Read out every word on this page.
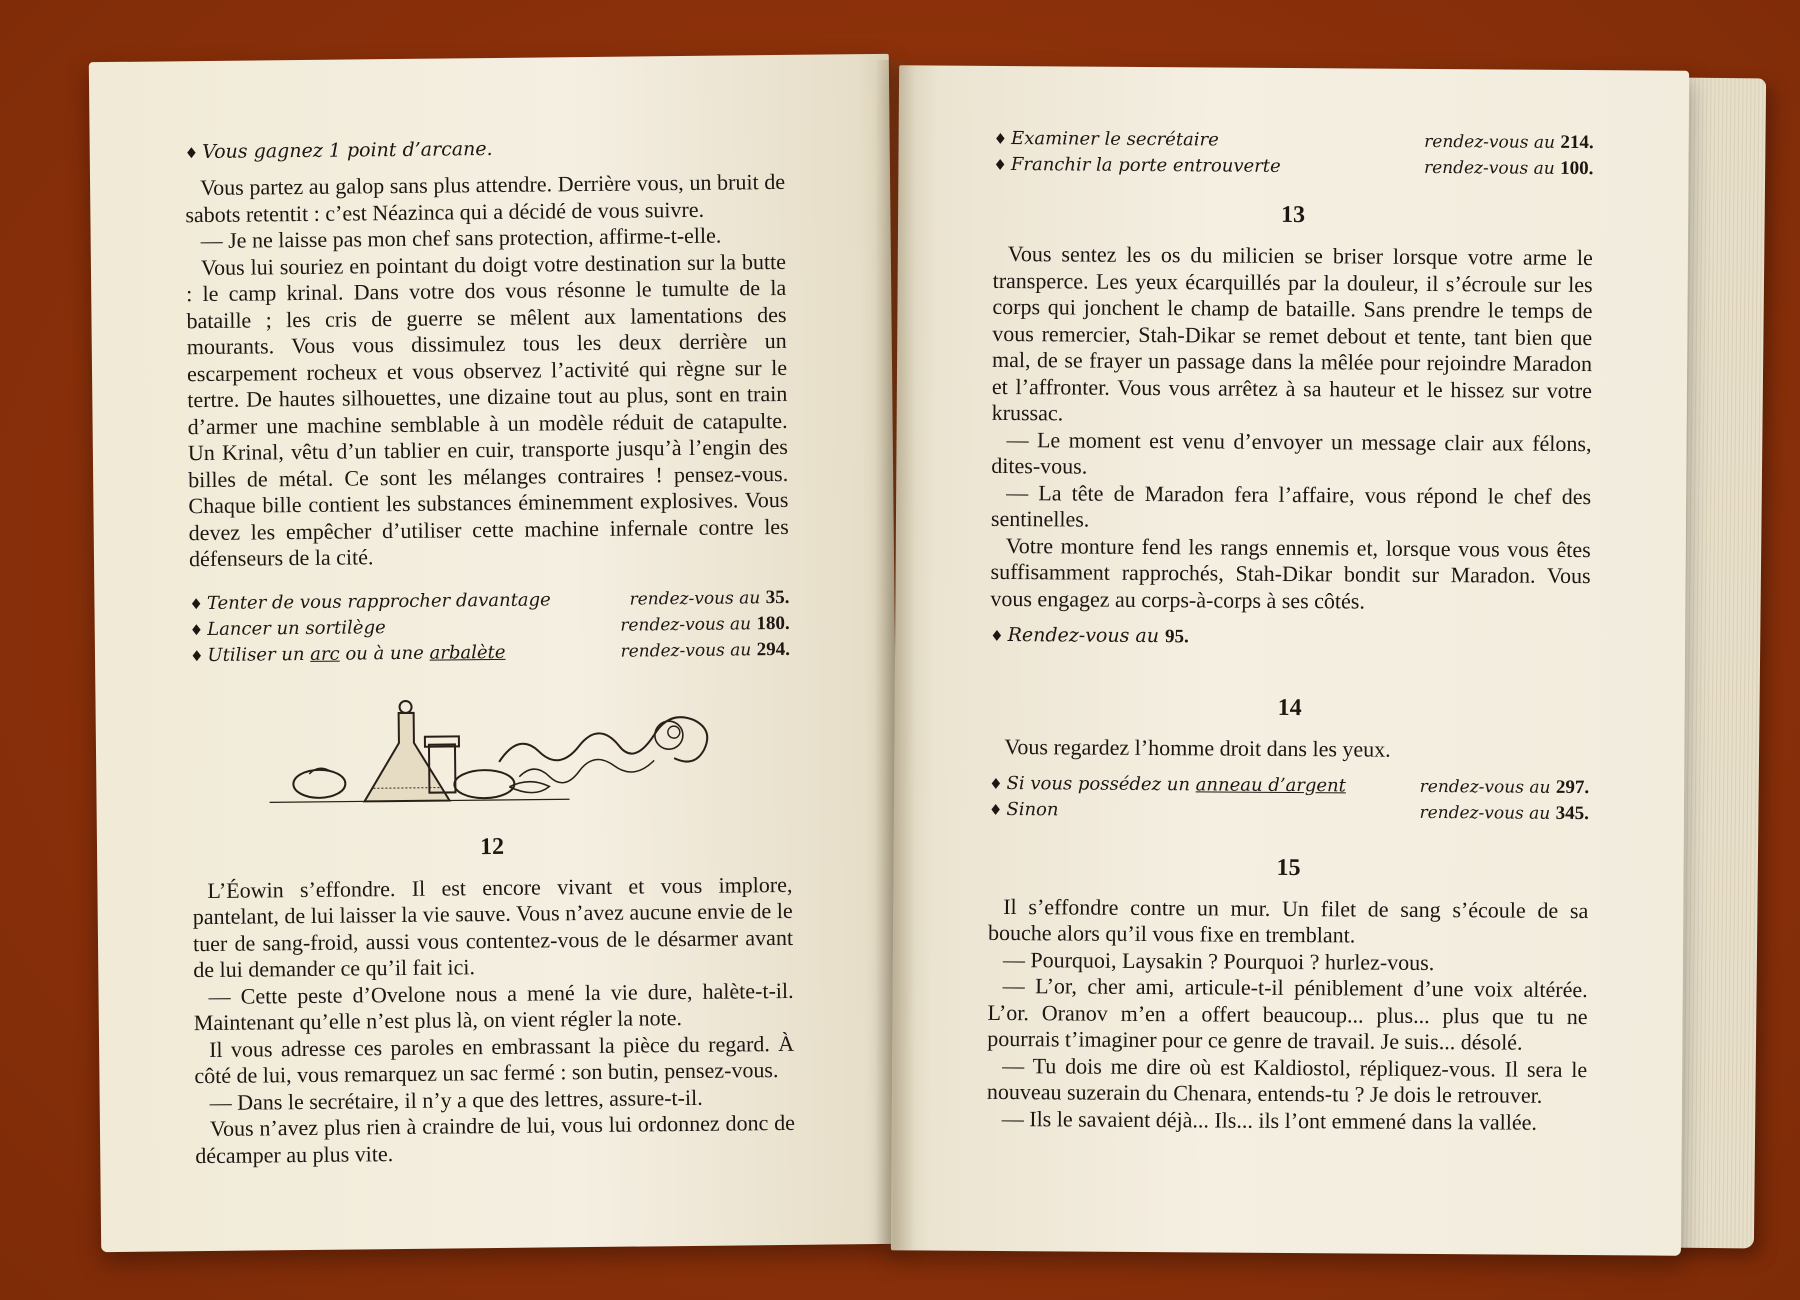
♦ Vous gagnez 1 point d’arcane.

Vous partez au galop sans plus attendre. Derrière vous, un bruit de sabots retentit : c’est Néazinca qui a décidé de vous suivre.

— Je ne laisse pas mon chef sans protection, affirme-t-elle.

Vous lui souriez en pointant du doigt votre destination sur la butte : le camp krinal. Dans votre dos vous résonne le tumulte de la bataille ; les cris de guerre se mêlent aux lamentations des mourants. Vous vous dissimulez tous les deux derrière un escarpement rocheux et vous observez l’activité qui règne sur le tertre. De hautes silhouettes, une dizaine tout au plus, sont en train d’armer une machine semblable à un modèle réduit de catapulte. Un Krinal, vêtu d’un tablier en cuir, transporte jusqu’à l’engin des billes de métal. Ce sont les mélanges contraires ! pensez-vous. Chaque bille contient les substances éminemment explosives. Vous devez les empêcher d’utiliser cette machine infernale contre les défenseurs de la cité.

♦ Tenter de vous rapprocher davantage	rendez-vous au 35.
♦ Lancer un sortilège	rendez-vous au 180.
♦ Utiliser un arc ou à une arbalète	rendez-vous au 294.
12

L’Éowin s’effondre. Il est encore vivant et vous implore, pantelant, de lui laisser la vie sauve. Vous n’avez aucune envie de le tuer de sang-froid, aussi vous contentez-vous de le désarmer avant de lui demander ce qu’il fait ici.

— Cette peste d’Ovelone nous a mené la vie dure, halète-t-il. Maintenant qu’elle n’est plus là, on vient régler la note.

Il vous adresse ces paroles en embrassant la pièce du regard. À côté de lui, vous remarquez un sac fermé : son butin, pensez-vous.

— Dans le secrétaire, il n’y a que des lettres, assure-t-il.

Vous n’avez plus rien à craindre de lui, vous lui ordonnez donc de décamper au plus vite.

♦ Examiner le secrétaire	rendez-vous au 214.
♦ Franchir la porte entrouverte	rendez-vous au 100.
13

Vous sentez les os du milicien se briser lorsque votre arme le transperce. Les yeux écarquillés par la douleur, il s’écroule sur les corps qui jonchent le champ de bataille. Sans prendre le temps de vous remercier, Stah-Dikar se remet debout et tente, tant bien que mal, de se frayer un passage dans la mêlée pour rejoindre Maradon et l’affronter. Vous vous arrêtez à sa hauteur et le hissez sur votre krussac.

— Le moment est venu d’envoyer un message clair aux félons, dites-vous.

— La tête de Maradon fera l’affaire, vous répond le chef des sentinelles.

Votre monture fend les rangs ennemis et, lorsque vous vous êtes suffisamment rapprochés, Stah-Dikar bondit sur Maradon. Vous vous engagez au corps-à-corps à ses côtés.

♦ Rendez-vous au 95.
14

Vous regardez l’homme droit dans les yeux.

♦ Si vous possédez un anneau d’argent	rendez-vous au 297.
♦ Sinon	rendez-vous au 345.
15

Il s’effondre contre un mur. Un filet de sang s’écoule de sa bouche alors qu’il vous fixe en tremblant.

— Pourquoi, Laysakin ? Pourquoi ? hurlez-vous.

— L’or, cher ami, articule-t-il péniblement d’une voix altérée. L’or. Oranov m’en a offert beaucoup... plus... plus que tu ne pourrais t’imaginer pour ce genre de travail. Je suis... désolé.

— Tu dois me dire où est Kaldiostol, répliquez-vous. Il sera le nouveau suzerain du Chenara, entends-tu ? Je dois le retrouver.

— Ils le savaient déjà... Ils... ils l’ont emmené dans la vallée.
